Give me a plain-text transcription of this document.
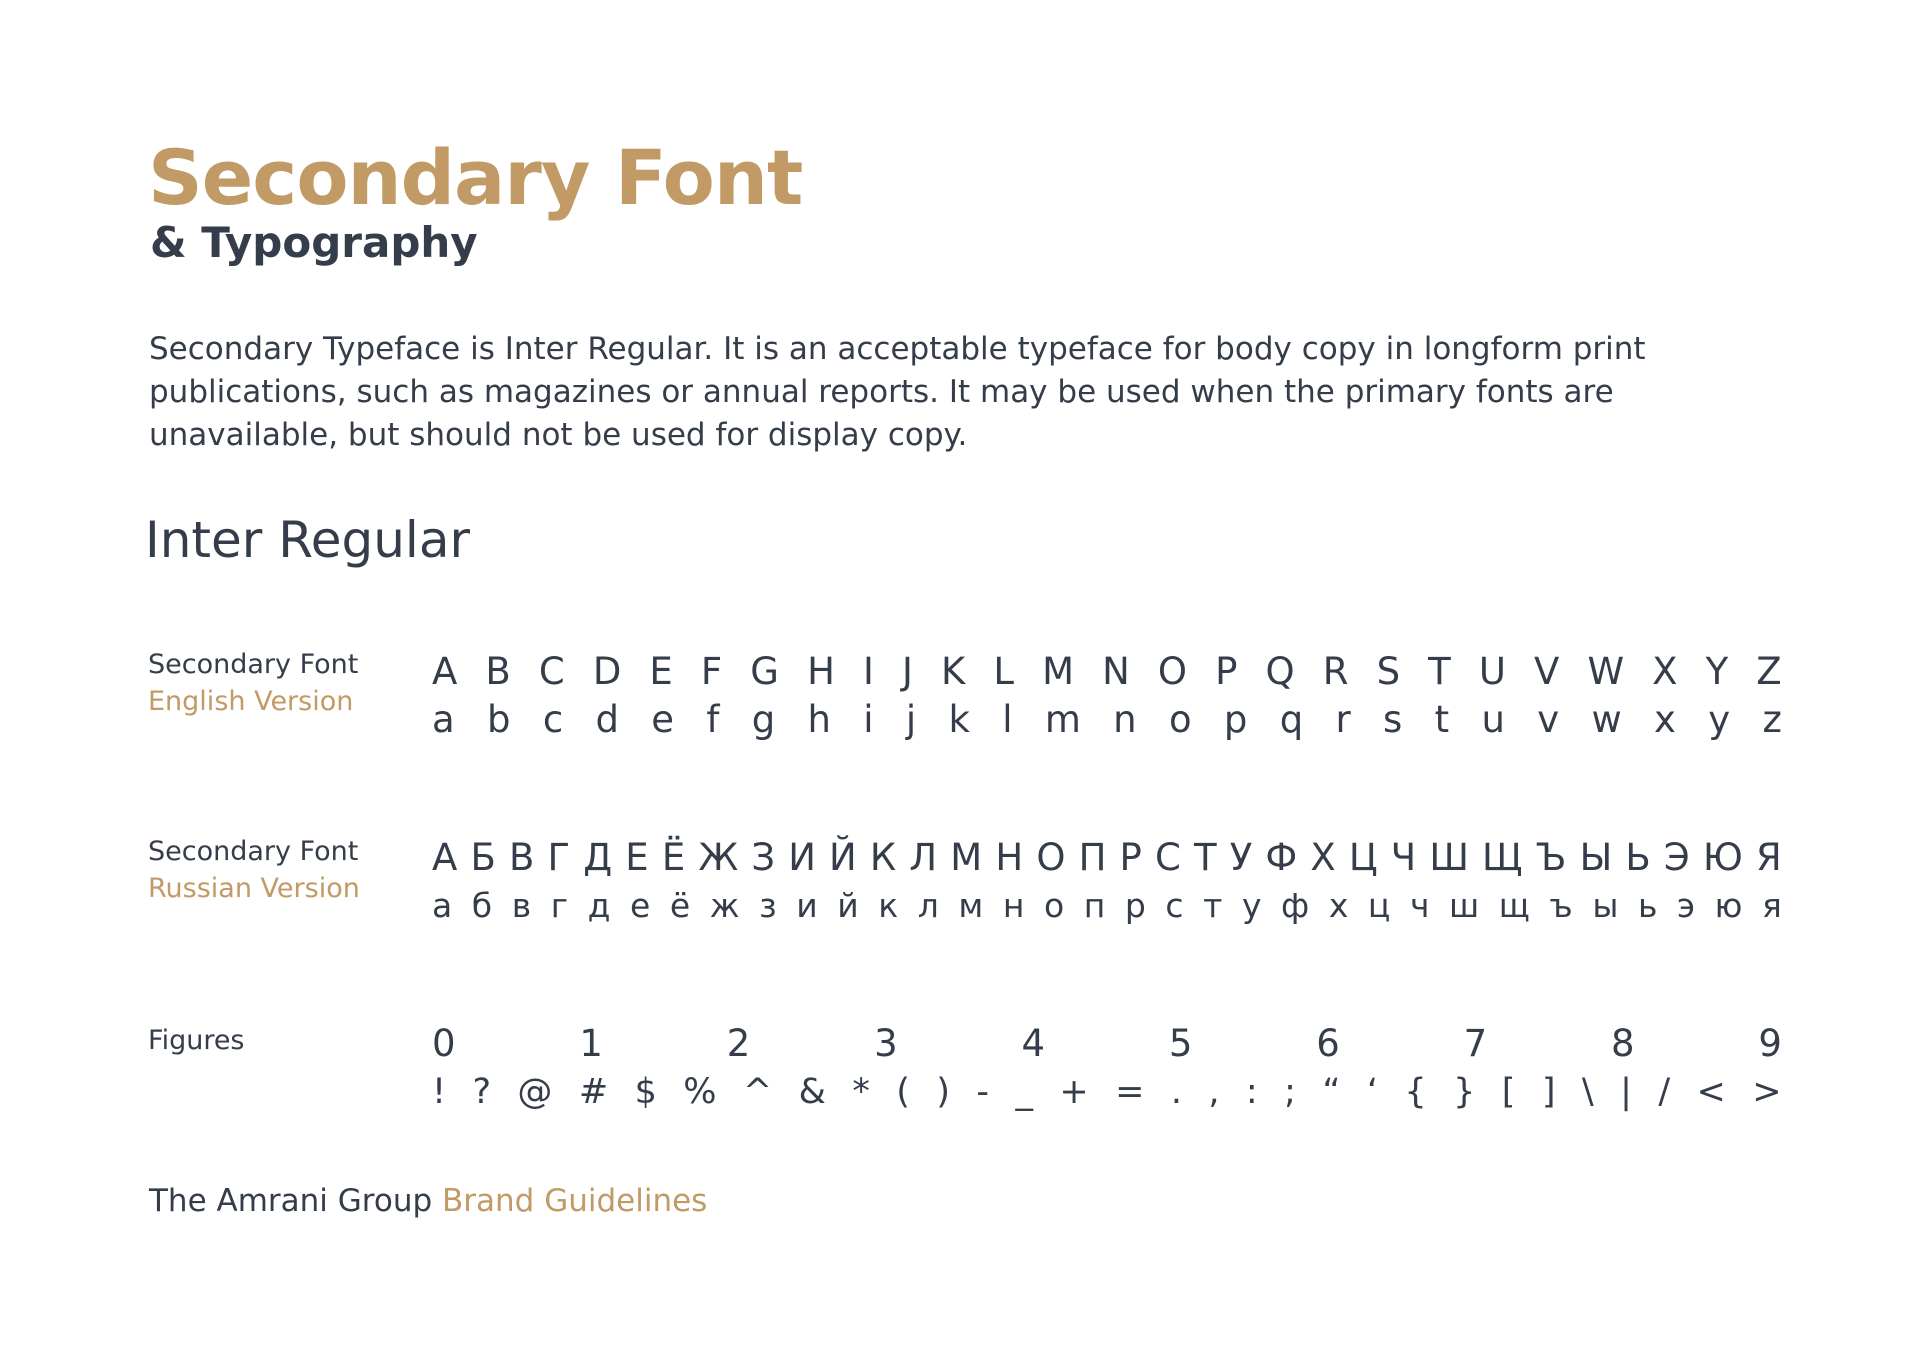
Secondary Font
& Typography

Secondary Typeface is Inter Regular. It is an acceptable typeface for body copy in longform print publications, such as magazines or annual reports. It may be used when the primary fonts are unavailable, but should not be used for display copy.

Inter Regular
Secondary Font
English Version
A B C D E F G H I J K L M N O P Q R S T U V W X Y Z
a b c d e f g h i j k l m n o p q r s t u v w x y z
Secondary Font
Russian Version
А Б В Г Д Е Ё Ж З И Й К Л М Н О П Р С Т У Ф Х Ц Ч Ш Щ Ъ Ы Ь Э Ю Я
а б в г д е ё ж з и й к л м н о п р с т у ф х ц ч ш щ ъ ы ь э ю я
Figures	0	1	2	3	4	5	6	7	8	9
! ? @ # $ % ^ & * ( ) - _ + = . , : ; “ ‘ { } [ ] \ | / < >

The Amrani Group Brand Guidelines
